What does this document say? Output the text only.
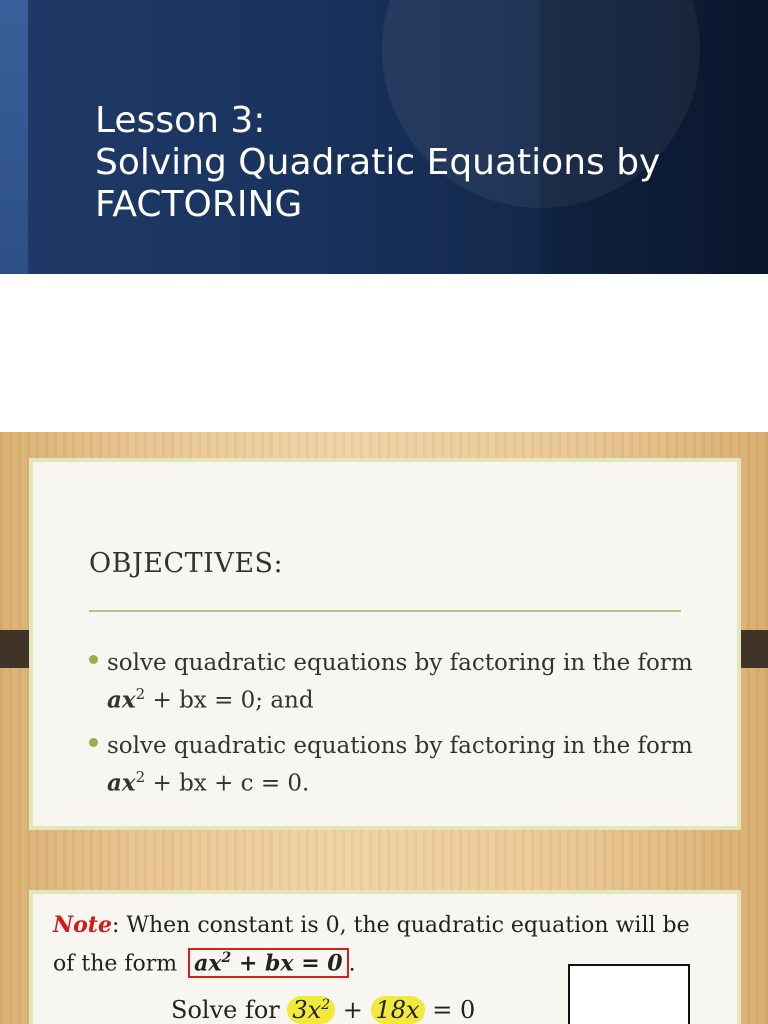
Lesson 3:
Solving Quadratic Equations by
FACTORING
OBJECTIVES:
solve quadratic equations by factoring in the form $ax^2$ + bx = 0; and
solve quadratic equations by factoring in the form $ax^2$ + bx + c = 0.
Note: When constant is 0, the quadratic equation will be
of the form $ax^2$ + bx = 0 .
Solve for $3x^2 + 18x = 0$
